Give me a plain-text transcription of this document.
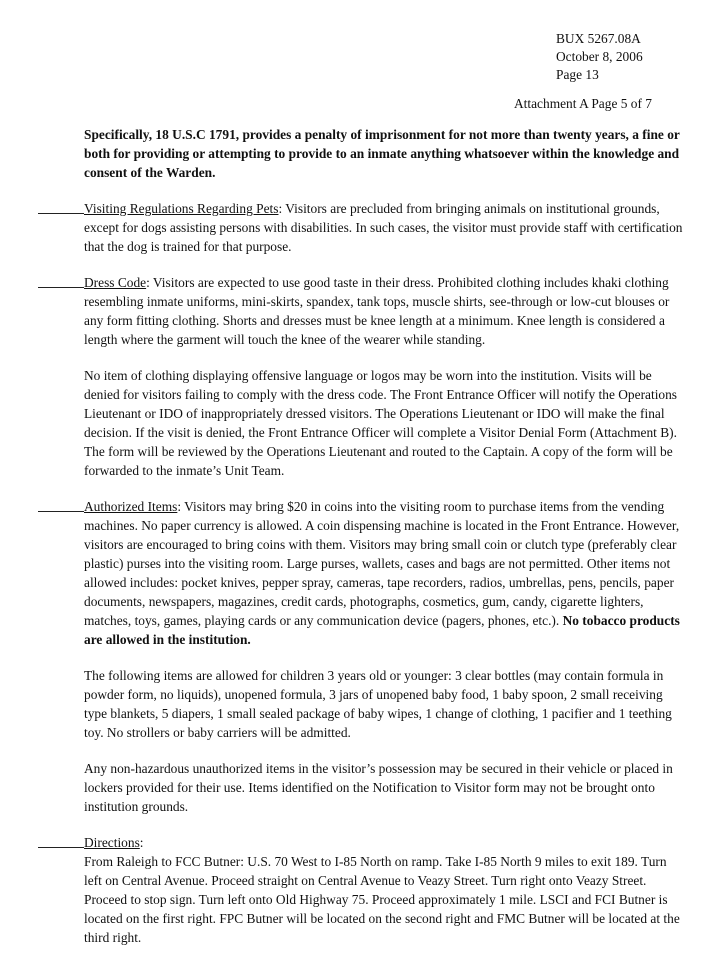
BUX 5267.08A
October 8, 2006
Page 13
Attachment A Page 5 of 7

Specifically, 18 U.S.C 1791, provides a penalty of imprisonment for not more than twenty years, a fine or both for providing or attempting to provide to an inmate anything whatsoever within the knowledge and consent of the Warden.

Visiting Regulations Regarding Pets: Visitors are precluded from bringing animals on institutional grounds, except for dogs assisting persons with disabilities. In such cases, the visitor must provide staff with certification that the dog is trained for that purpose.

Dress Code: Visitors are expected to use good taste in their dress. Prohibited clothing includes khaki clothing resembling inmate uniforms, mini-skirts, spandex, tank tops, muscle shirts, see-through or low-cut blouses or any form fitting clothing. Shorts and dresses must be knee length at a minimum. Knee length is considered a length where the garment will touch the knee of the wearer while standing.

No item of clothing displaying offensive language or logos may be worn into the institution. Visits will be denied for visitors failing to comply with the dress code. The Front Entrance Officer will notify the Operations Lieutenant or IDO of inappropriately dressed visitors. The Operations Lieutenant or IDO will make the final decision. If the visit is denied, the Front Entrance Officer will complete a Visitor Denial Form (Attachment B). The form will be reviewed by the Operations Lieutenant and routed to the Captain. A copy of the form will be forwarded to the inmate’s Unit Team.

Authorized Items: Visitors may bring $20 in coins into the visiting room to purchase items from the vending machines. No paper currency is allowed. A coin dispensing machine is located in the Front Entrance. However, visitors are encouraged to bring coins with them. Visitors may bring small coin or clutch type (preferably clear plastic) purses into the visiting room. Large purses, wallets, cases and bags are not permitted. Other items not allowed includes: pocket knives, pepper spray, cameras, tape recorders, radios, umbrellas, pens, pencils, paper documents, newspapers, magazines, credit cards, photographs, cosmetics, gum, candy, cigarette lighters, matches, toys, games, playing cards or any communication device (pagers, phones, etc.). No tobacco products are allowed in the institution.

The following items are allowed for children 3 years old or younger: 3 clear bottles (may contain formula in powder form, no liquids), unopened formula, 3 jars of unopened baby food, 1 baby spoon, 2 small receiving type blankets, 5 diapers, 1 small sealed package of baby wipes, 1 change of clothing, 1 pacifier and 1 teething toy. No strollers or baby carriers will be admitted.

Any non-hazardous unauthorized items in the visitor’s possession may be secured in their vehicle or placed in lockers provided for their use. Items identified on the Notification to Visitor form may not be brought onto institution grounds.

Directions:
From Raleigh to FCC Butner: U.S. 70 West to I-85 North on ramp. Take I-85 North 9 miles to exit 189. Turn left on Central Avenue. Proceed straight on Central Avenue to Veazy Street. Turn right onto Veazy Street. Proceed to stop sign. Turn left onto Old Highway 75. Proceed approximately 1 mile. LSCI and FCI Butner is located on the first right. FPC Butner will be located on the second right and FMC Butner will be located at the third right.
